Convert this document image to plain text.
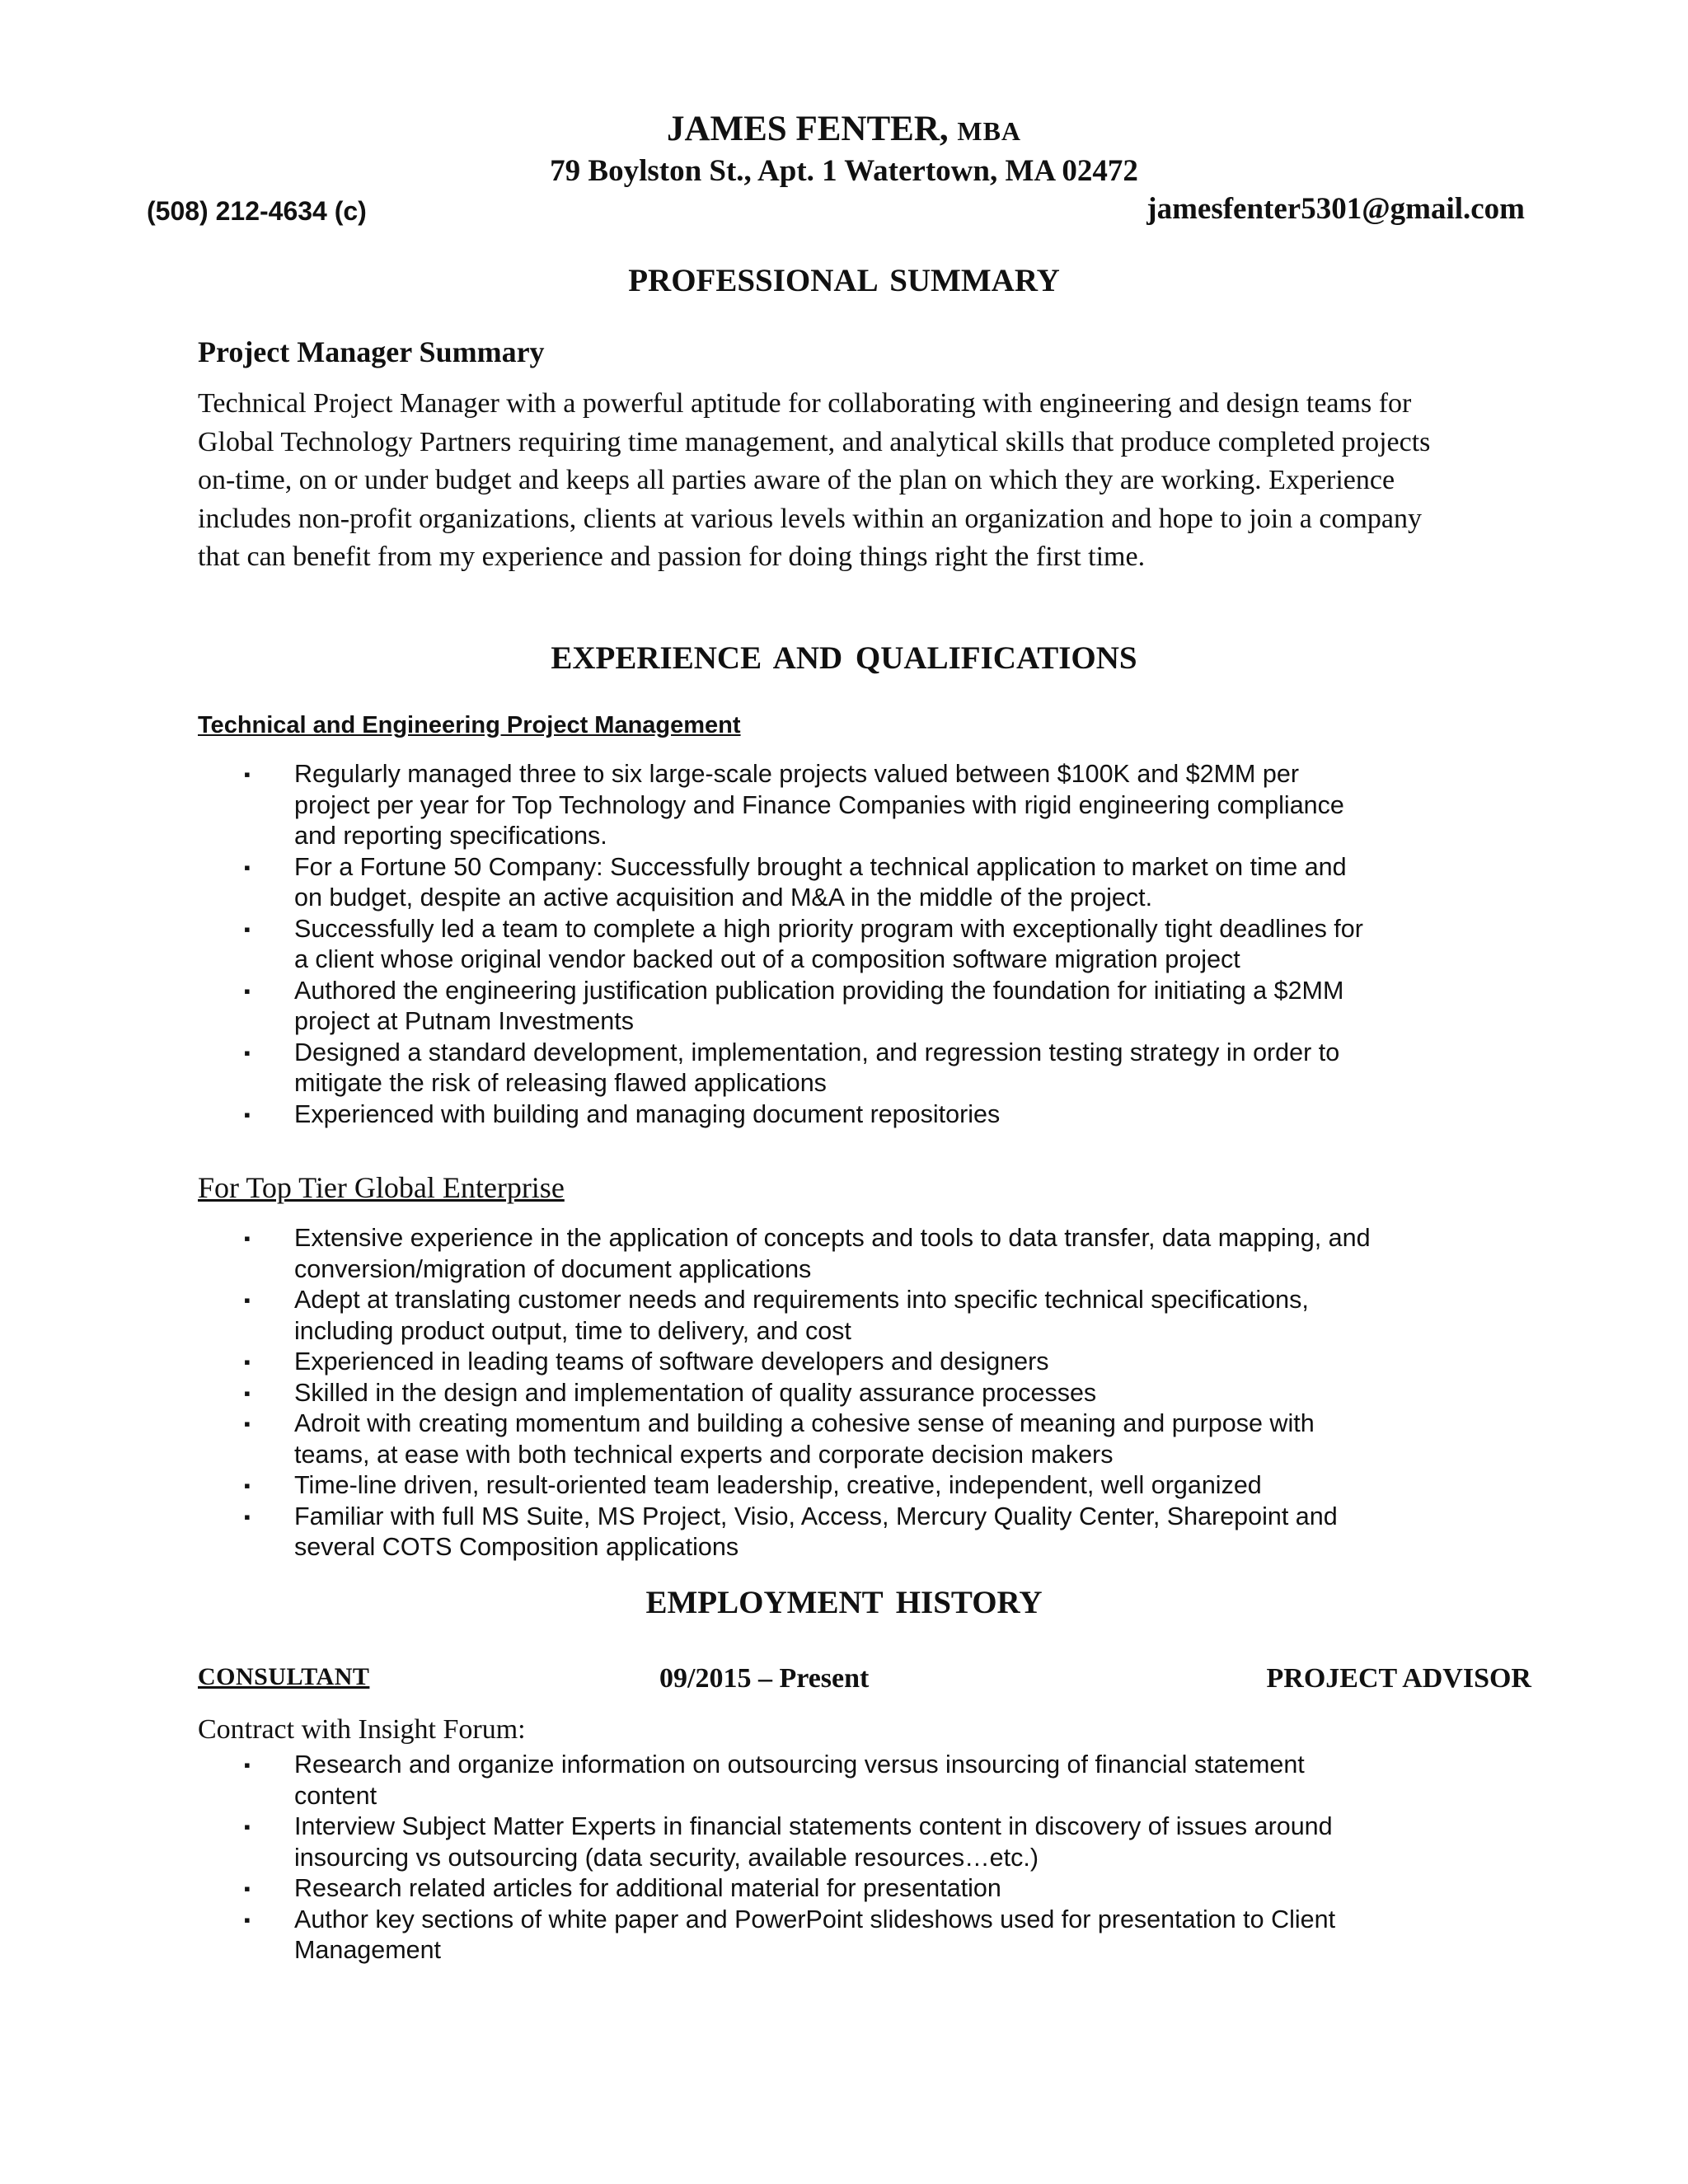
JAMES FENTER, MBA
79 Boylston St., Apt. 1 Watertown, MA 02472
(508) 212-4634 (c)	jamesfenter5301@gmail.com
PROFESSIONAL SUMMARY
Project Manager Summary
Technical Project Manager with a powerful aptitude for collaborating with engineering and design teams for
Global Technology Partners requiring time management, and analytical skills that produce completed projects
on-time, on or under budget and keeps all parties aware of the plan on which they are working. Experience
includes non-profit organizations, clients at various levels within an organization and hope to join a company
that can benefit from my experience and passion for doing things right the first time.
EXPERIENCE AND QUALIFICATIONS
Technical and Engineering Project Management
▪ Regularly managed three to six large-scale projects valued between $100K and $2MM per
project per year for Top Technology and Finance Companies with rigid engineering compliance
and reporting specifications.
▪ For a Fortune 50 Company: Successfully brought a technical application to market on time and
on budget, despite an active acquisition and M&A in the middle of the project.
▪ Successfully led a team to complete a high priority program with exceptionally tight deadlines for
a client whose original vendor backed out of a composition software migration project
▪ Authored the engineering justification publication providing the foundation for initiating a $2MM
project at Putnam Investments
▪ Designed a standard development, implementation, and regression testing strategy in order to
mitigate the risk of releasing flawed applications
▪ Experienced with building and managing document repositories
For Top Tier Global Enterprise
▪ Extensive experience in the application of concepts and tools to data transfer, data mapping, and
conversion/migration of document applications
▪ Adept at translating customer needs and requirements into specific technical specifications,
including product output, time to delivery, and cost
▪ Experienced in leading teams of software developers and designers
▪ Skilled in the design and implementation of quality assurance processes
▪ Adroit with creating momentum and building a cohesive sense of meaning and purpose with
teams, at ease with both technical experts and corporate decision makers
▪ Time-line driven, result-oriented team leadership, creative, independent, well organized
▪ Familiar with full MS Suite, MS Project, Visio, Access, Mercury Quality Center, Sharepoint and
several COTS Composition applications
EMPLOYMENT HISTORY
CONSULTANT	09/2015 – Present	PROJECT ADVISOR
Contract with Insight Forum:
▪ Research and organize information on outsourcing versus insourcing of financial statement
content
▪ Interview Subject Matter Experts in financial statements content in discovery of issues around
insourcing vs outsourcing (data security, available resources…etc.)
▪ Research related articles for additional material for presentation
▪ Author key sections of white paper and PowerPoint slideshows used for presentation to Client
Management
